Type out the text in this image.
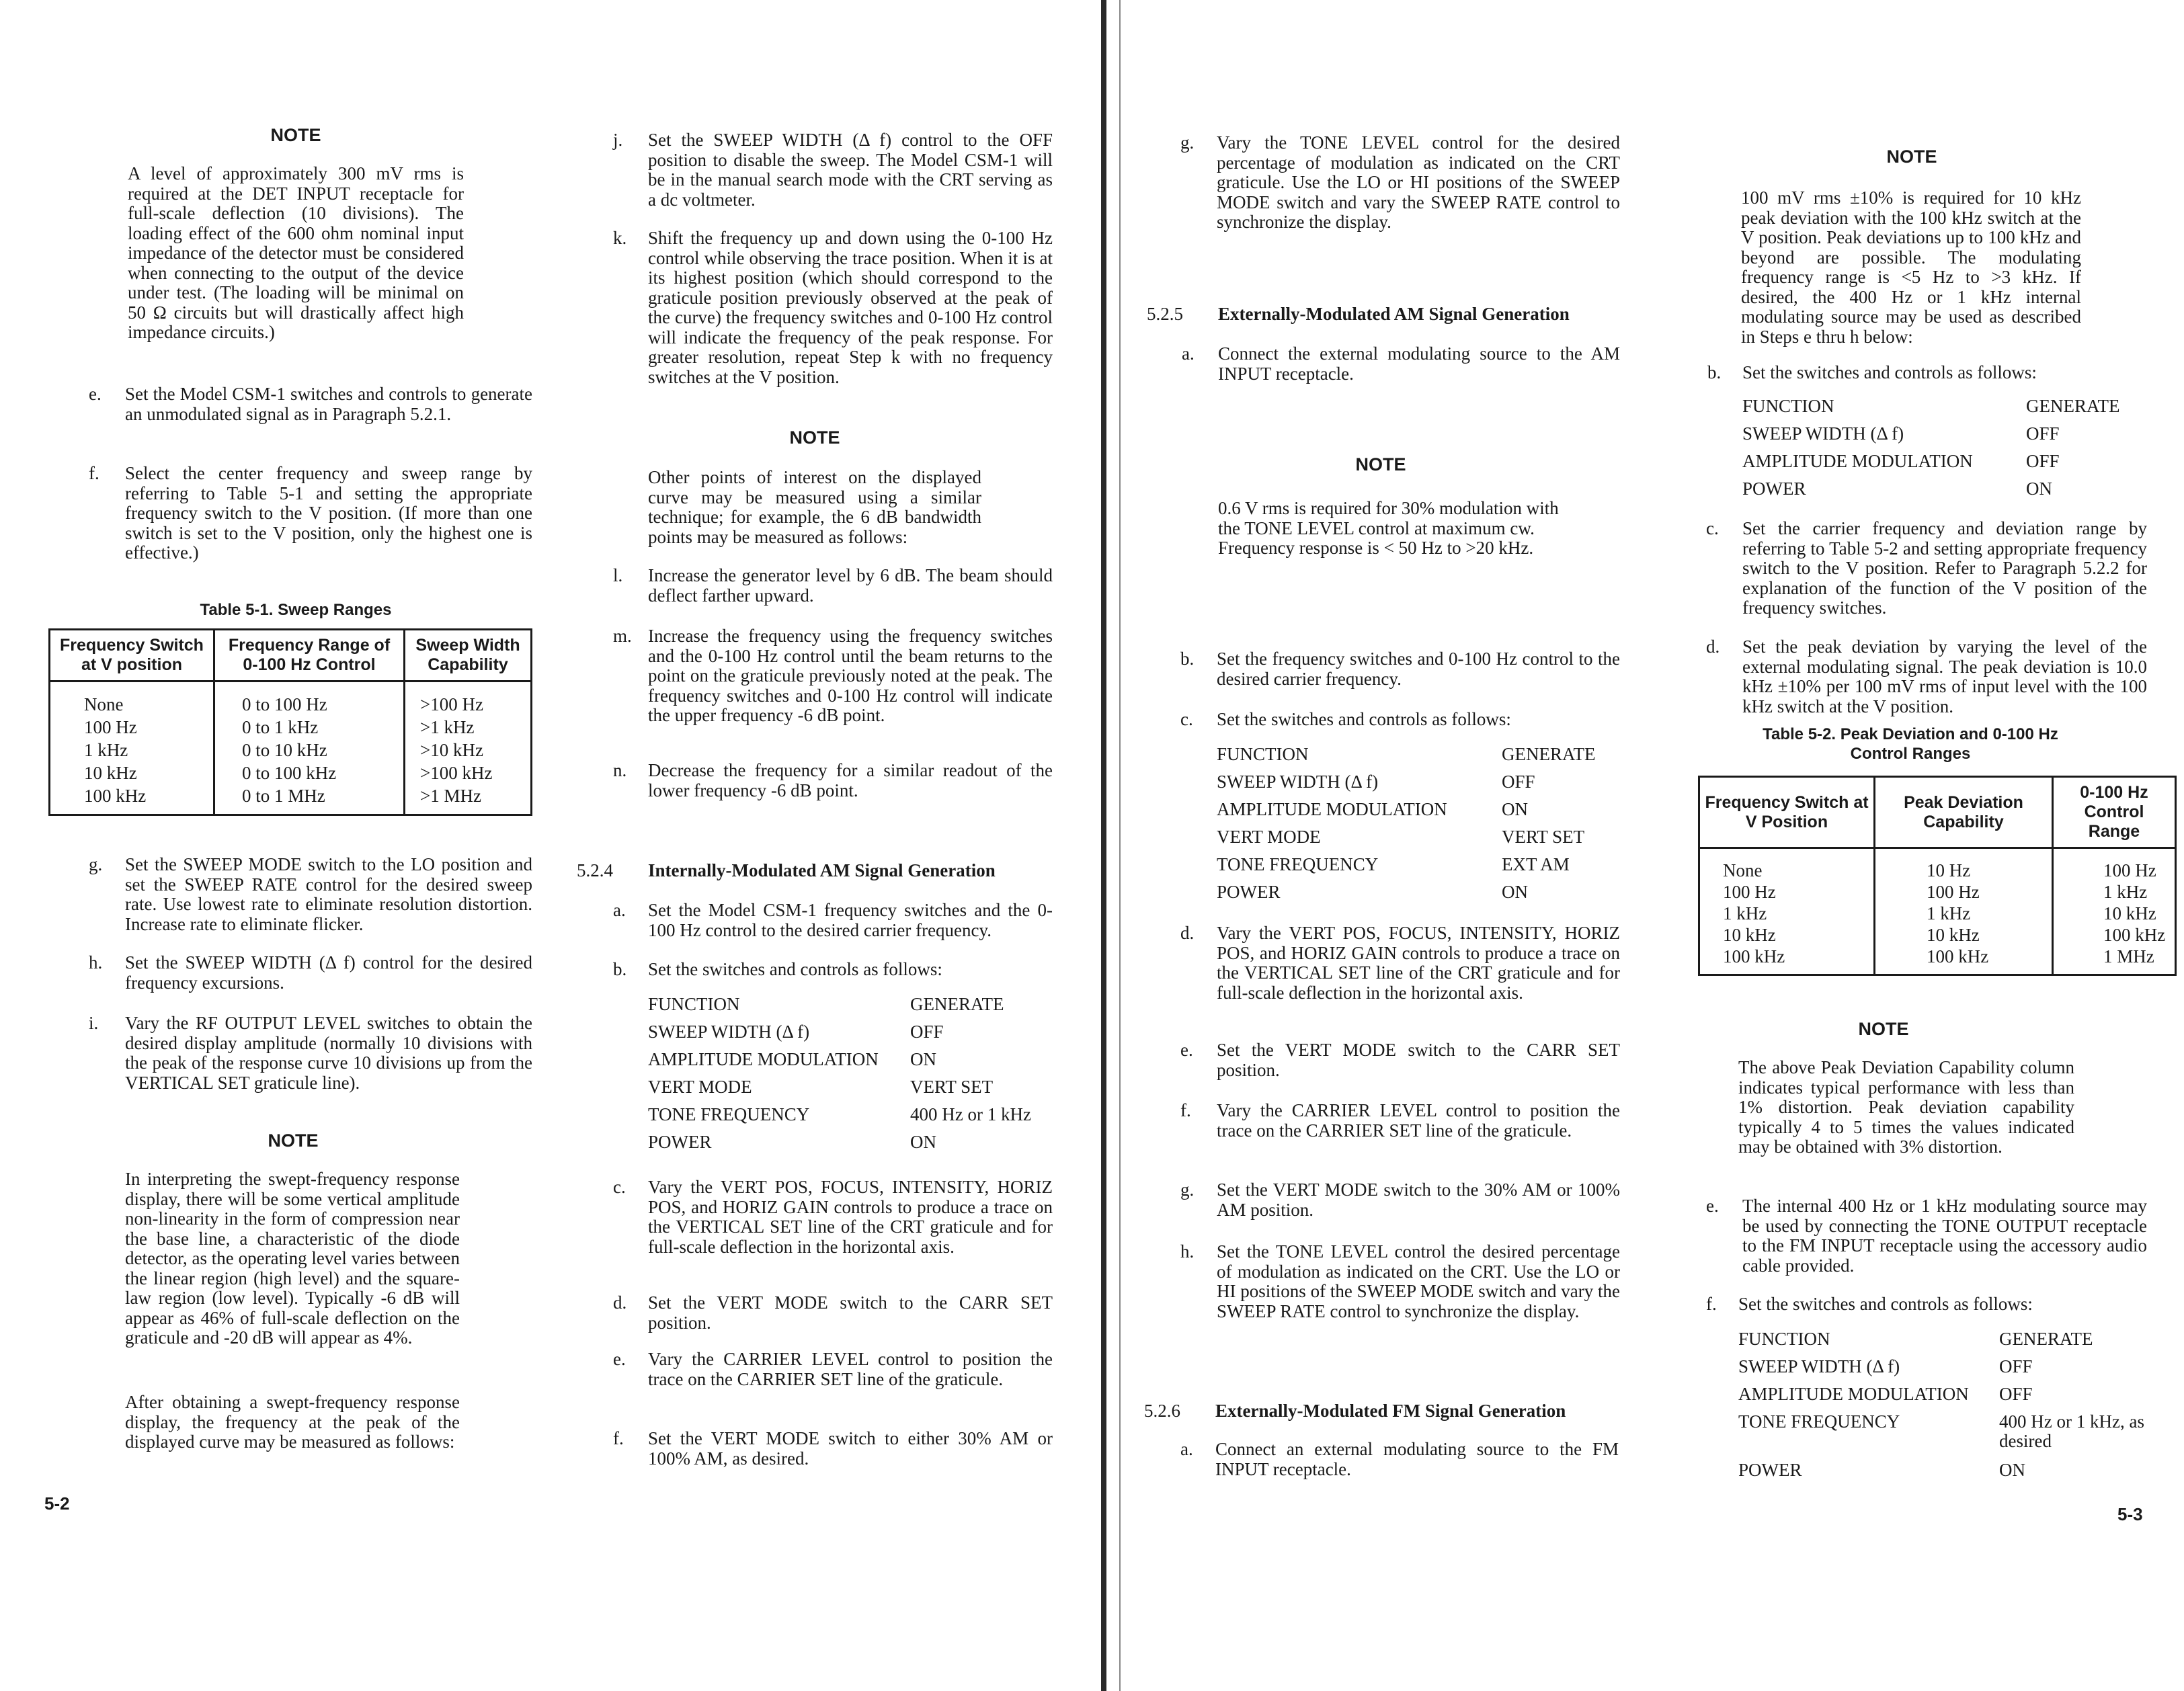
NOTE
A level of approximately 300 mV rms is required at the DET INPUT receptacle for full-scale deflection (10 divisions). The loading effect of the 600 ohm nominal input impedance of the detector must be considered when connecting to the output of the device under test. (The loading will be minimal on 50 Ω circuits but will drastically affect high impedance circuits.)
e. Set the Model CSM-1 switches and controls to generate an unmodulated signal as in Paragraph 5.2.1.
f. Select the center frequency and sweep range by referring to Table 5-1 and setting the appropriate frequency switch to the V position. (If more than one switch is set to the V position, only the highest one is effective.)
Table 5-1. Sweep Ranges
Frequency Switch at V position	Frequency Range of 0-100 Hz Control	Sweep Width Capability
None	0 to 100 Hz	>100 Hz
100 Hz	0 to 1 kHz	>1 kHz
1 kHz	0 to 10 kHz	>10 kHz
10 kHz	0 to 100 kHz	>100 kHz
100 kHz	0 to 1 MHz	>1 MHz
g. Set the SWEEP MODE switch to the LO position and set the SWEEP RATE control for the desired sweep rate. Use lowest rate to eliminate resolution distortion. Increase rate to eliminate flicker.
h. Set the SWEEP WIDTH (Δ f) control for the desired frequency excursions.
i. Vary the RF OUTPUT LEVEL switches to obtain the desired display amplitude (normally 10 divisions with the peak of the response curve 10 divisions up from the VERTICAL SET graticule line).
NOTE
In interpreting the swept-frequency response display, there will be some vertical amplitude non-linearity in the form of compression near the base line, a characteristic of the diode detector, as the operating level varies between the linear region (high level) and the square-law region (low level). Typically -6 dB will appear as 46% of full-scale deflection on the graticule and -20 dB will appear as 4%.
After obtaining a swept-frequency response display, the frequency at the peak of the displayed curve may be measured as follows:
5-2
j. Set the SWEEP WIDTH (Δ f) control to the OFF position to disable the sweep. The Model CSM-1 will be in the manual search mode with the CRT serving as a dc voltmeter.
k. Shift the frequency up and down using the 0-100 Hz control while observing the trace position. When it is at its highest position (which should correspond to the graticule position previously observed at the peak of the curve) the frequency switches and 0-100 Hz control will indicate the frequency of the peak response. For greater resolution, repeat Step k with no frequency switches at the V position.
NOTE
Other points of interest on the displayed curve may be measured using a similar technique; for example, the 6 dB bandwidth points may be measured as follows:
l. Increase the generator level by 6 dB. The beam should deflect farther upward.
m. Increase the frequency using the frequency switches and the 0-100 Hz control until the beam returns to the point on the graticule previously noted at the peak. The frequency switches and 0-100 Hz control will indicate the upper frequency -6 dB point.
n. Decrease the frequency for a similar readout of the lower frequency -6 dB point.
5.2.4 Internally-Modulated AM Signal Generation
a. Set the Model CSM-1 frequency switches and the 0-100 Hz control to the desired carrier frequency.
b. Set the switches and controls as follows:
FUNCTION	GENERATE
SWEEP WIDTH (Δ f)	OFF
AMPLITUDE MODULATION ON
VERT MODE	VERT SET
TONE FREQUENCY	400 Hz or 1 kHz
POWER	ON
c. Vary the VERT POS, FOCUS, INTENSITY, HORIZ POS, and HORIZ GAIN controls to produce a trace on the VERTICAL SET line of the CRT graticule and for full-scale deflection in the horizontal axis.
d. Set the VERT MODE switch to the CARR SET position.
e. Vary the CARRIER LEVEL control to position the trace on the CARRIER SET line of the graticule.
f. Set the VERT MODE switch to either 30% AM or 100% AM, as desired.
g. Vary the TONE LEVEL control for the desired percentage of modulation as indicated on the CRT graticule. Use the LO or HI positions of the SWEEP MODE switch and vary the SWEEP RATE control to synchronize the display.
5.2.5 Externally-Modulated AM Signal Generation
a. Connect the external modulating source to the AM INPUT receptacle.
NOTE
0.6 V rms is required for 30% modulation with the TONE LEVEL control at maximum cw. Frequency response is < 50 Hz to >20 kHz.
b. Set the frequency switches and 0-100 Hz control to the desired carrier frequency.
c. Set the switches and controls as follows:
FUNCTION	GENERATE
SWEEP WIDTH (Δ f)	OFF
AMPLITUDE MODULATION	ON
VERT MODE	VERT SET
TONE FREQUENCY	EXT AM
POWER	ON
d. Vary the VERT POS, FOCUS, INTENSITY, HORIZ POS, and HORIZ GAIN controls to produce a trace on the VERTICAL SET line of the CRT graticule and for full-scale deflection in the horizontal axis.
e. Set the VERT MODE switch to the CARR SET position.
f. Vary the CARRIER LEVEL control to position the trace on the CARRIER SET line of the graticule.
g. Set the VERT MODE switch to the 30% AM or 100% AM position.
h. Set the TONE LEVEL control the desired percentage of modulation as indicated on the CRT. Use the LO or HI positions of the SWEEP MODE switch and vary the SWEEP RATE control to synchronize the display.
5.2.6 Externally-Modulated FM Signal Generation
a. Connect an external modulating source to the FM INPUT receptacle.
NOTE
100 mV rms ±10% is required for 10 kHz peak deviation with the 100 kHz switch at the V position. Peak deviations up to 100 kHz and beyond are possible. The modulating frequency range is <5 Hz to >3 kHz. If desired, the 400 Hz or 1 kHz internal modulating source may be used as described in Steps e thru h below:
b. Set the switches and controls as follows:
FUNCTION	GENERATE
SWEEP WIDTH (Δ f)	OFF
AMPLITUDE MODULATION	OFF
POWER	ON
c. Set the carrier frequency and deviation range by referring to Table 5-2 and setting appropriate frequency switch to the V position. Refer to Paragraph 5.2.2 for explanation of the function of the V position of the frequency switches.
d. Set the peak deviation by varying the level of the external modulating signal. The peak deviation is 10.0 kHz ±10% per 100 mV rms of input level with the 100 kHz switch at the V position.
Table 5-2. Peak Deviation and 0-100 Hz
Control Ranges
Frequency Switch at V Position	Peak Deviation Capability	0-100 Hz Control Range
None	10 Hz	100 Hz
100 Hz	100 Hz	1 kHz
1 kHz	1 kHz	10 kHz
10 kHz	10 kHz	100 kHz
100 kHz	100 kHz	1 MHz
NOTE
The above Peak Deviation Capability column indicates typical performance with less than 1% distortion. Peak deviation capability typically 4 to 5 times the values indicated may be obtained with 3% distortion.
e. The internal 400 Hz or 1 kHz modulating source may be used by connecting the TONE OUTPUT receptacle to the FM INPUT receptacle using the accessory audio cable provided.
f. Set the switches and controls as follows:
FUNCTION	GENERATE
SWEEP WIDTH (Δ f)	OFF
AMPLITUDE MODULATION OFF
TONE FREQUENCY	400 Hz or 1 kHz, as desired
POWER	ON
5-3
